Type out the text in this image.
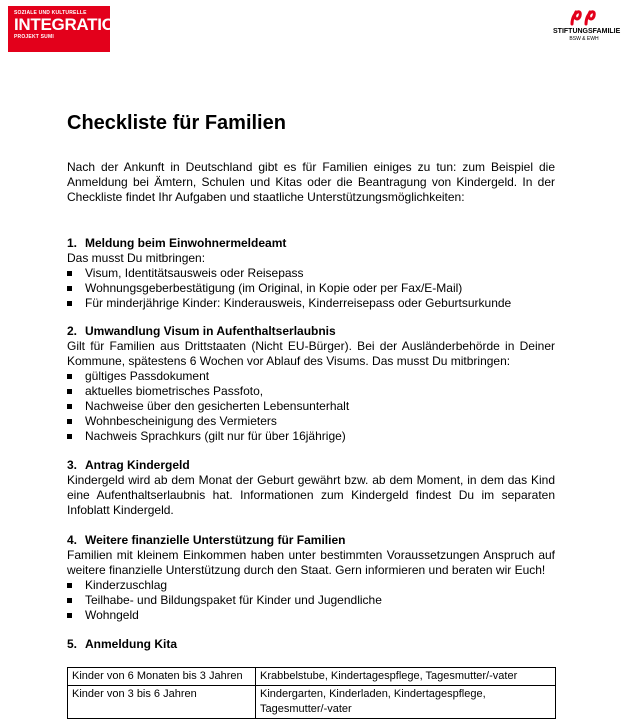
SOZIALE UND KULTURELLE
INTEGRATION
PROJEKT SUMI
STIFTUNGSFAMILIE
BSW & EWH
Checkliste für Familien

Nach der Ankunft in Deutschland gibt es für Familien einiges zu tun: zum Beispiel die Anmeldung bei Ämtern, Schulen und Kitas oder die Beantragung von Kindergeld. In der Checkliste findet Ihr Aufgaben und staatliche Unterstützungsmöglichkeiten:

1. Meldung beim Einwohnermeldeamt

Das musst Du mitbringen:

Visum, Identitätsausweis oder Reisepass
Wohnungsgeberbestätigung (im Original, in Kopie oder per Fax/E-Mail)
Für minderjährige Kinder: Kinderausweis, Kinderreisepass oder Geburtsurkunde
2. Umwandlung Visum in Aufenthaltserlaubnis

Gilt für Familien aus Drittstaaten (Nicht EU-Bürger). Bei der Ausländerbehörde in Deiner Kommune, spätestens 6 Wochen vor Ablauf des Visums. Das musst Du mitbringen:

gültiges Passdokument
aktuelles biometrisches Passfoto,
Nachweise über den gesicherten Lebensunterhalt
Wohnbescheinigung des Vermieters
Nachweis Sprachkurs (gilt nur für über 16jährige)
3. Antrag Kindergeld

Kindergeld wird ab dem Monat der Geburt gewährt bzw. ab dem Moment, in dem das Kind eine Aufenthaltserlaubnis hat. Informationen zum Kindergeld findest Du im separaten Infoblatt Kindergeld.

4. Weitere finanzielle Unterstützung für Familien

Familien mit kleinem Einkommen haben unter bestimmten Voraussetzungen Anspruch auf weitere finanzielle Unterstützung durch den Staat. Gern informieren und beraten wir Euch!

Kinderzuschlag
Teilhabe- und Bildungspaket für Kinder und Jugendliche
Wohngeld
5. Anmeldung Kita
Kinder von 6 Monaten bis 3 Jahren	Krabbelstube, Kindertagespflege, Tagesmutter/-vater
Kinder von 3 bis 6 Jahren	Kindergarten, Kinderladen, Kindertagespflege, Tagesmutter/-vater
